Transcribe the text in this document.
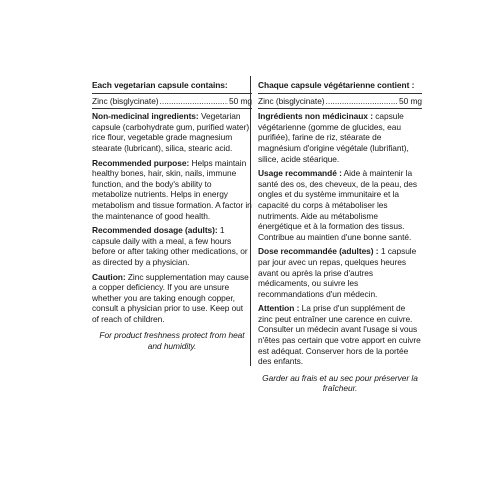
Each vegetarian capsule contains:

Zinc (bisglycinate) .....	50 mg

Non-medicinal ingredients: Vegetarian capsule (carbohydrate gum, purified water), rice flour, vegetable grade magnesium stearate (lubricant), silica, stearic acid.

Recommended purpose: Helps maintain healthy bones, hair, skin, nails, immune function, and the body's ability to metabolize nutrients. Helps in energy metabolism and tissue formation. A factor in the maintenance of good health.

Recommended dosage (adults): 1 capsule daily with a meal, a few hours before or after taking other medications, or as directed by a physician.

Caution: Zinc supplementation may cause a copper deficiency. If you are unsure whether you are taking enough copper, consult a physician prior to use. Keep out of reach of children.

For product freshness protect from heat and humidity.

Chaque capsule végétarienne contient :

Zinc (bisglycinate) .....	50 mg

Ingrédients non médicinaux : capsule végétarienne (gomme de glucides, eau purifiée), farine de riz, stéarate de magnésium d'origine végétale (lubrifiant), silice, acide stéarique.

Usage recommandé : Aide à maintenir la santé des os, des cheveux, de la peau, des ongles et du système immunitaire et la capacité du corps à métaboliser les nutriments. Aide au métabolisme énergétique et à la formation des tissus. Contribue au maintien d'une bonne santé.

Dose recommandée (adultes) : 1 capsule par jour avec un repas, quelques heures avant ou après la prise d'autres médicaments, ou suivre les recommandations d'un médecin.

Attention : La prise d'un supplément de zinc peut entraîner une carence en cuivre. Consulter un médecin avant l'usage si vous n'êtes pas certain que votre apport en cuivre est adéquat. Conserver hors de la portée des enfants.

Garder au frais et au sec pour préserver la fraîcheur.
